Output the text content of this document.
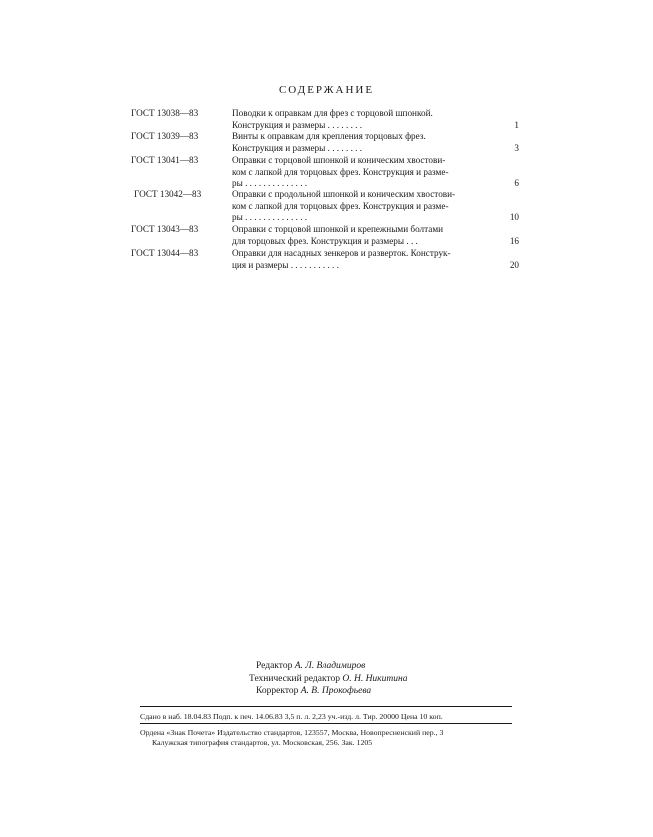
СОДЕРЖАНИЕ
ГОСТ 13038—83	Поводки к оправкам для фрез с торцовой шпонкой.
Конструкция и размеры . . . . . . . .	1
ГОСТ 13039—83	Винты к оправкам для крепления торцовых фрез.
Конструкция и размеры . . . . . . . .	3
ГОСТ 13041—83	Оправки с торцовой шпонкой и коническим хвостови-
ком с лапкой для торцовых фрез. Конструкция и разме-
ры . . . . . . . . . . . . . .	6
ГОСТ 13042—83	Оправки с продольной шпонкой и коническим хвостови-
ком с лапкой для торцовых фрез. Конструкция и разме-
ры . . . . . . . . . . . . . .	10
ГОСТ 13043—83	Оправки с торцовой шпонкой и крепежными болтами
для торцовых фрез. Конструкция и размеры . . .	16
ГОСТ 13044—83	Оправки для насадных зенкеров и разверток. Конструк-
ция и размеры . . . . . . . . . . .	20
Редактор А. Л. Владимиров
Технический редактор О. Н. Никитина
Корректор А. В. Прокофьева
Сдано в наб. 18.04.83 Подп. к печ. 14.06.83 3,5 п. л. 2,23 уч.-изд. л. Тир. 20000 Цена 10 коп.
Ордена «Знак Почета» Издательство стандартов, 123557, Москва, Новопресненский пер., 3
Калужская типография стандартов, ул. Московская, 256. Зак. 1205
